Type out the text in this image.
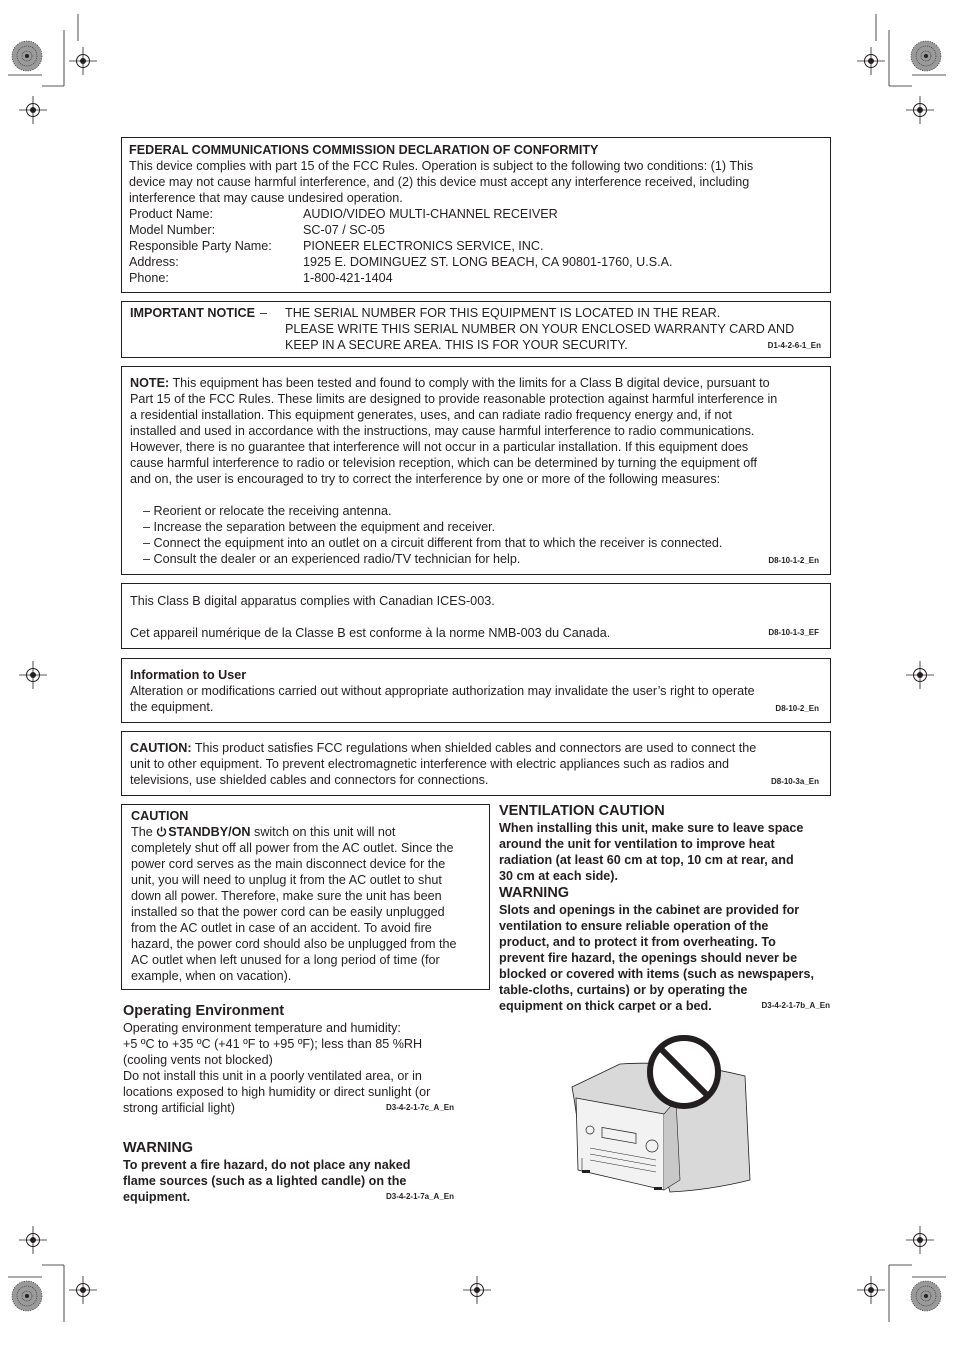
FEDERAL COMMUNICATIONS COMMISSION DECLARATION OF CONFORMITY

This device complies with part 15 of the FCC Rules. Operation is subject to the following two conditions: (1) This

device may not cause harmful interference, and (2) this device must accept any interference received, including

interference that may cause undesired operation.

Product Name:	AUDIO/VIDEO MULTI-CHANNEL RECEIVER
Model Number:	SC-07 / SC-05
Responsible Party Name:	PIONEER ELECTRONICS SERVICE, INC.
Address:	1925 E. DOMINGUEZ ST. LONG BEACH, CA 90801-1760, U.S.A.
Phone:	1-800-421-1404
IMPORTANT NOTICE –	THE SERIAL NUMBER FOR THIS EQUIPMENT IS LOCATED IN THE REAR.

PLEASE WRITE THIS SERIAL NUMBER ON YOUR ENCLOSED WARRANTY CARD AND

KEEP IN A SECURE AREA. THIS IS FOR YOUR SECURITY.	D1-4-2-6-1_En

NOTE: This equipment has been tested and found to comply with the limits for a Class B digital device, pursuant to

Part 15 of the FCC Rules. These limits are designed to provide reasonable protection against harmful interference in

a residential installation. This equipment generates, uses, and can radiate radio frequency energy and, if not

installed and used in accordance with the instructions, may cause harmful interference to radio communications.

However, there is no guarantee that interference will not occur in a particular installation. If this equipment does

cause harmful interference to radio or television reception, which can be determined by turning the equipment off

and on, the user is encouraged to try to correct the interference by one or more of the following measures:

– Reorient or relocate the receiving antenna.

– Increase the separation between the equipment and receiver.

– Connect the equipment into an outlet on a circuit different from that to which the receiver is connected.

– Consult the dealer or an experienced radio/TV technician for help.	D8-10-1-2_En

This Class B digital apparatus complies with Canadian ICES-003.

Cet appareil numérique de la Classe B est conforme à la norme NMB-003 du Canada.	D8-10-1-3_EF

Information to User

Alteration or modifications carried out without appropriate authorization may invalidate the user’s right to operate

the equipment.	D8-10-2_En

CAUTION: This product satisfies FCC regulations when shielded cables and connectors are used to connect the

unit to other equipment. To prevent electromagnetic interference with electric appliances such as radios and

televisions, use shielded cables and connectors for connections.	D8-10-3a_En

CAUTION

The STANDBY/ON switch on this unit will not

completely shut off all power from the AC outlet. Since the

power cord serves as the main disconnect device for the

unit, you will need to unplug it from the AC outlet to shut

down all power. Therefore, make sure the unit has been

installed so that the power cord can be easily unplugged

from the AC outlet in case of an accident. To avoid fire

hazard, the power cord should also be unplugged from the

AC outlet when left unused for a long period of time (for

example, when on vacation).

Operating Environment

Operating environment temperature and humidity:

+5 ºC to +35 ºC (+41 ºF to +95 ºF); less than 85 %RH

(cooling vents not blocked)

Do not install this unit in a poorly ventilated area, or in

locations exposed to high humidity or direct sunlight (or

strong artificial light)	D3-4-2-1-7c_A_En

WARNING

To prevent a fire hazard, do not place any naked

flame sources (such as a lighted candle) on the

equipment.	D3-4-2-1-7a_A_En

VENTILATION CAUTION

When installing this unit, make sure to leave space

around the unit for ventilation to improve heat

radiation (at least 60 cm at top, 10 cm at rear, and

30 cm at each side).

WARNING

Slots and openings in the cabinet are provided for

ventilation to ensure reliable operation of the

product, and to protect it from overheating. To

prevent fire hazard, the openings should never be

blocked or covered with items (such as newspapers,

table-cloths, curtains) or by operating the

equipment on thick carpet or a bed.	D3-4-2-1-7b_A_En
